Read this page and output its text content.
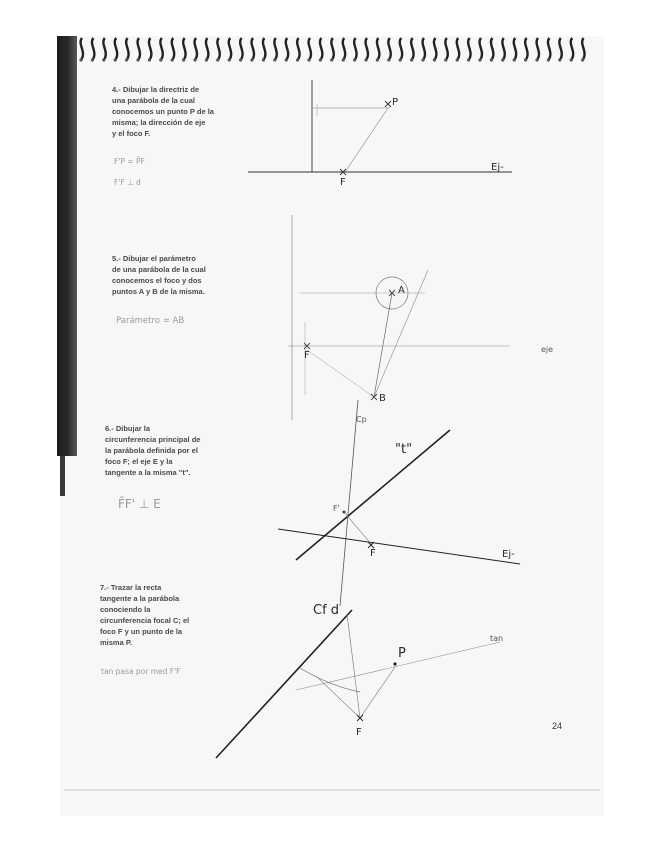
4.- Dibujar la directriz de
una parábola de la cual
conocemos un punto P de la
misma; la dirección de eje
y el foco F.
F'P = P̄F
F'F ⊥ d
5.- Dibujar el parámetro
de una parábola de la cual
conocemos el foco y dos
puntos A y B de la misma.
Parámetro = AB
6.- Dibujar la
circunferencia principal de
la parábola definida por el
foco F; el eje E y la
tangente a la misma "t".
F̄F' ⊥ E
7.- Trazar la recta
tangente a la parábola
conociendo la
circunferencia focal C; el
foco F y un punto de la
misma P.
tan pasa por med F'F
P
F
Ej-
A
F
B
eje
Cp
"t"
F	Ej-
F'
Cf d
P
F
tan
24
